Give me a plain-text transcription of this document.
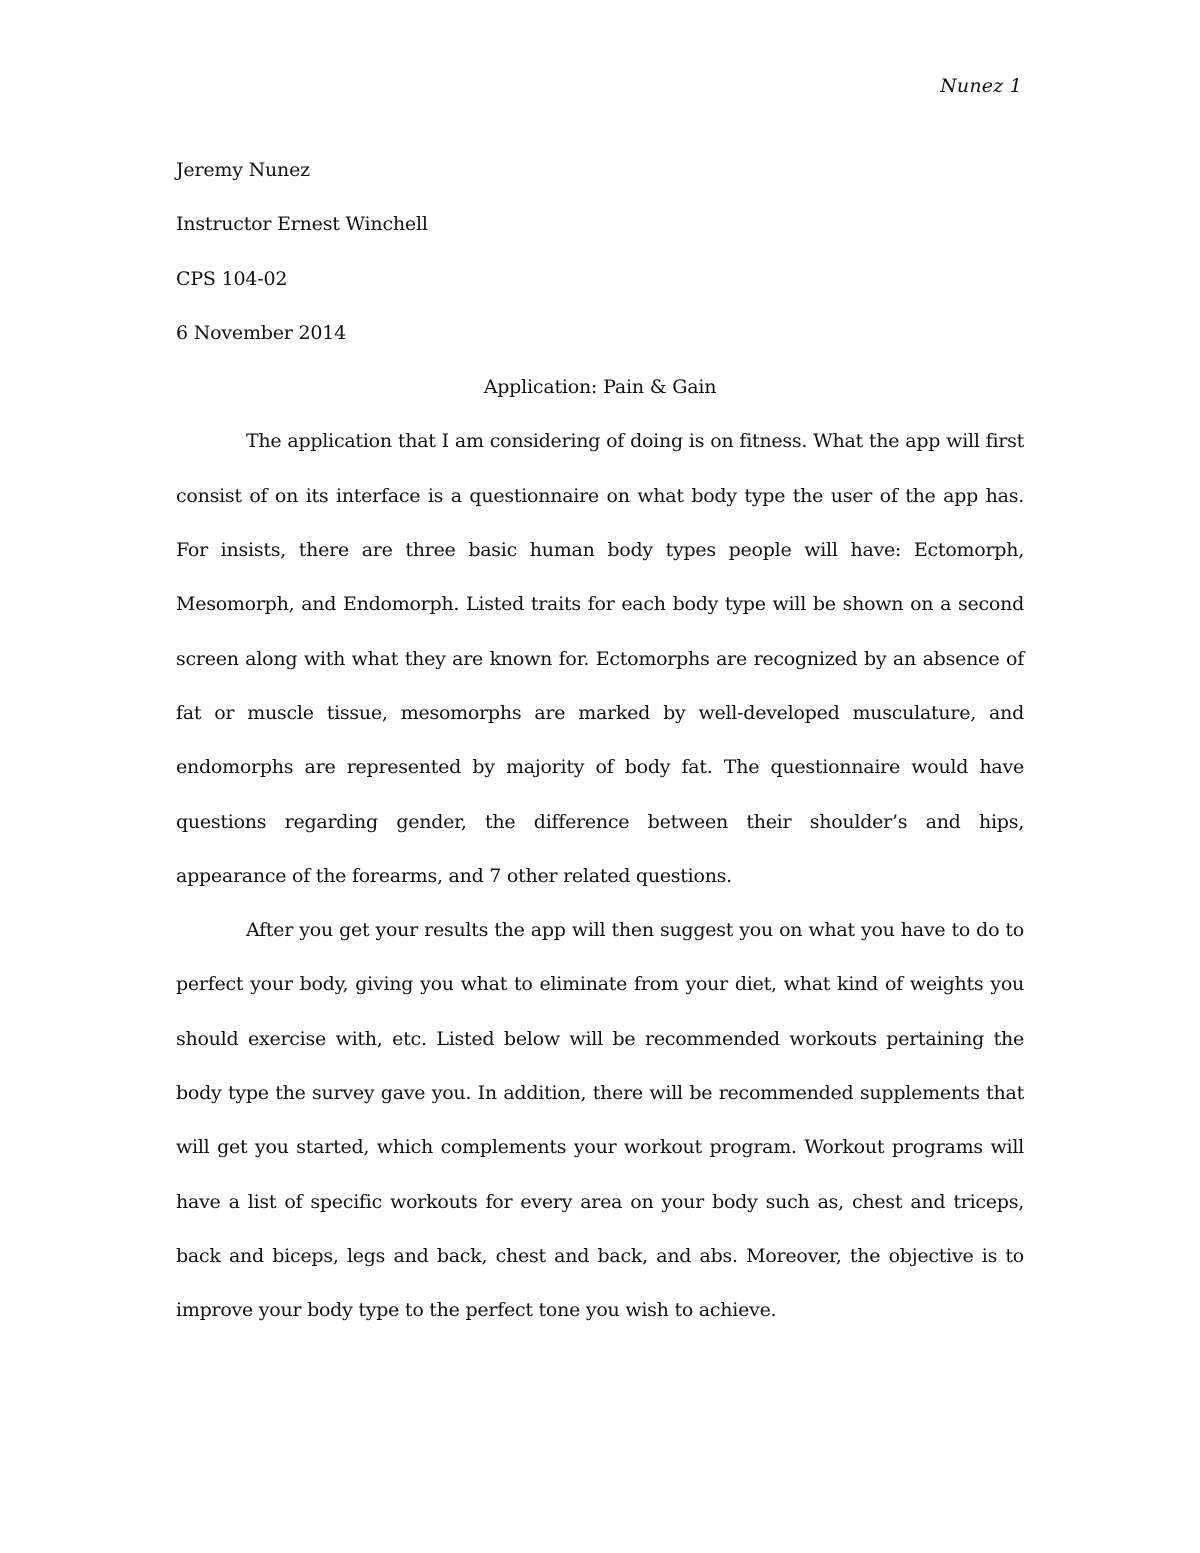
Nunez 1
Jeremy Nunez
Instructor Ernest Winchell
CPS 104-02
6 November 2014
Application: Pain & Gain

The application that I am considering of doing is on fitness. What the app will first consist of on its interface is a questionnaire on what body type the user of the app has. For insists, there are three basic human body types people will have: Ectomorph, Mesomorph, and Endomorph. Listed traits for each body type will be shown on a second screen along with what they are known for. Ectomorphs are recognized by an absence of fat or muscle tissue, mesomorphs are marked by well-developed musculature, and endomorphs are represented by majority of body fat. The questionnaire would have questions regarding gender, the difference between their shoulder’s and hips, appearance of the forearms, and 7 other related questions.

After you get your results the app will then suggest you on what you have to do to perfect your body, giving you what to eliminate from your diet, what kind of weights you should exercise with, etc. Listed below will be recommended workouts pertaining the body type the survey gave you. In addition, there will be recommended supplements that will get you started, which complements your workout program. Workout programs will have a list of specific workouts for every area on your body such as, chest and triceps, back and biceps, legs and back, chest and back, and abs. Moreover, the objective is to improve your body type to the perfect tone you wish to achieve.
